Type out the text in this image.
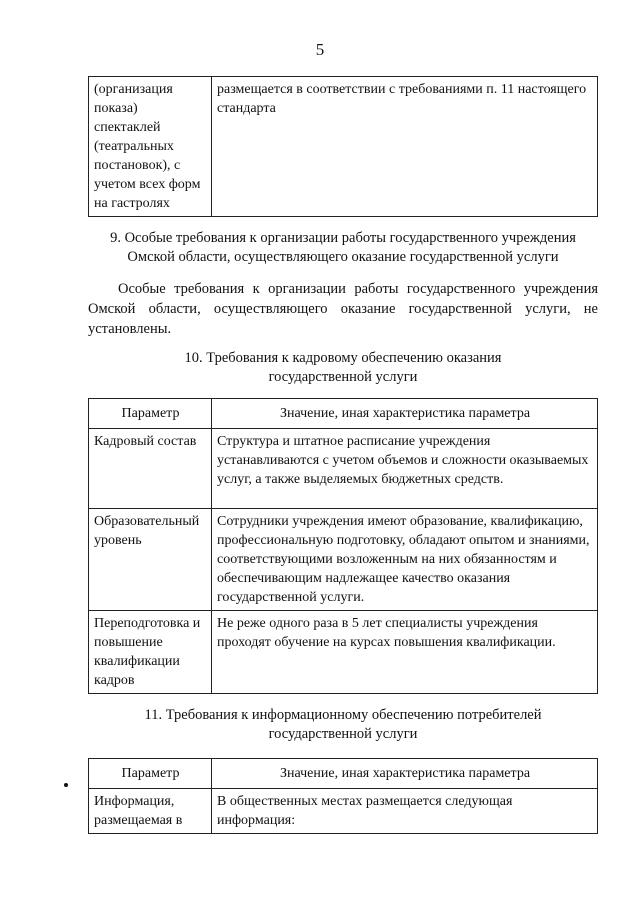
5
(организация показа) спектаклей (театральных постановок), с учетом всех форм на гастролях	размещается в соответствии с требованиями п. 11 настоящего стандарта
9. Особые требования к организации работы государственного учреждения
Омской области, осуществляющего оказание государственной услуги
Особые требования к организации работы государственного учреждения Омской области, осуществляющего оказание государственной услуги, не установлены.
10. Требования к кадровому обеспечению оказания
государственной услуги
Параметр	Значение, иная характеристика параметра
Кадровый состав	Структура и штатное расписание учреждения устанавливаются с учетом объемов и сложности оказываемых услуг, а также выделяемых бюджетных средств.
Образовательный уровень	Сотрудники учреждения имеют образование, квалификацию, профессиональную подготовку, обладают опытом и знаниями, соответствующими возложенным на них обязанностям и обеспечивающим надлежащее качество оказания государственной услуги.
Переподготовка и повышение квалификации кадров	Не реже одного раза в 5 лет специалисты учреждения проходят обучение на курсах повышения квалификации.
11. Требования к информационному обеспечению потребителей
государственной услуги
Параметр	Значение, иная характеристика параметра
Информация, размещаемая в	В общественных местах размещается следующая информация:
